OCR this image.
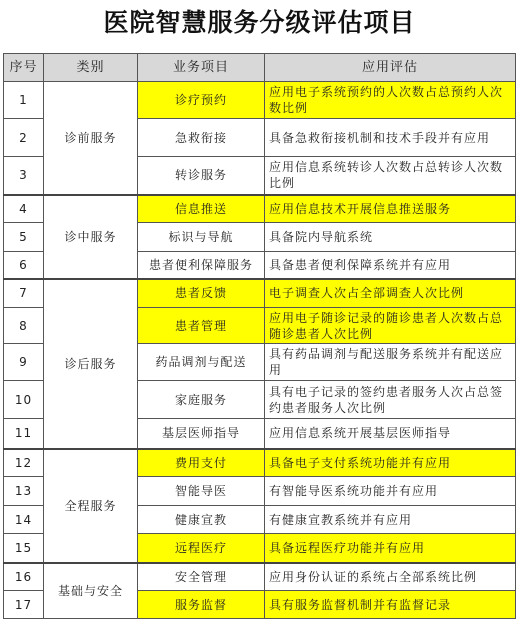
医院智慧服务分级评估项目
序号	类别	业务项目	应用评估
1	诊前服务	诊疗预约	应用电子系统预约的人次数占总预约人次数比例
2		急救衔接	具备急救衔接机制和技术手段并有应用
3		转诊服务	应用信息系统转诊人次数占总转诊人次数比例
4	诊中服务	信息推送	应用信息技术开展信息推送服务
5		标识与导航	具备院内导航系统
6		患者便利保障服务	具备患者便利保障系统并有应用
7	诊后服务	患者反馈	电子调查人次占全部调查人次比例
8		患者管理	应用电子随诊记录的随诊患者人次数占总随诊患者人次比例
9		药品调剂与配送	具有药品调剂与配送服务系统并有配送应用
10		家庭服务	具有电子记录的签约患者服务人次占总签约患者服务人次比例
11		基层医师指导	应用信息系统开展基层医师指导
12	全程服务	费用支付	具备电子支付系统功能并有应用
13		智能导医	有智能导医系统功能并有应用
14		健康宣教	有健康宣教系统并有应用
15		远程医疗	具备远程医疗功能并有应用
16	基础与安全	安全管理	应用身份认证的系统占全部系统比例
17		服务监督	具有服务监督机制并有监督记录
